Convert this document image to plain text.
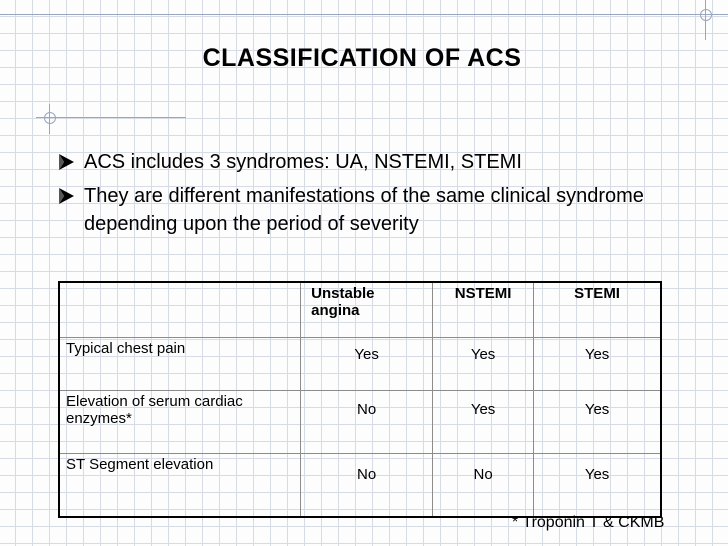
CLASSIFICATION OF ACS
ACS includes 3 syndromes: UA, NSTEMI, STEMI
They are different manifestations of the same clinical syndrome depending upon the period of severity
	Unstable angina	NSTEMI	STEMI
Typical chest pain	Yes	Yes	Yes
Elevation of serum cardiac enzymes*	No	Yes	Yes
ST Segment elevation	No	No	Yes
* Troponin T & CKMB
